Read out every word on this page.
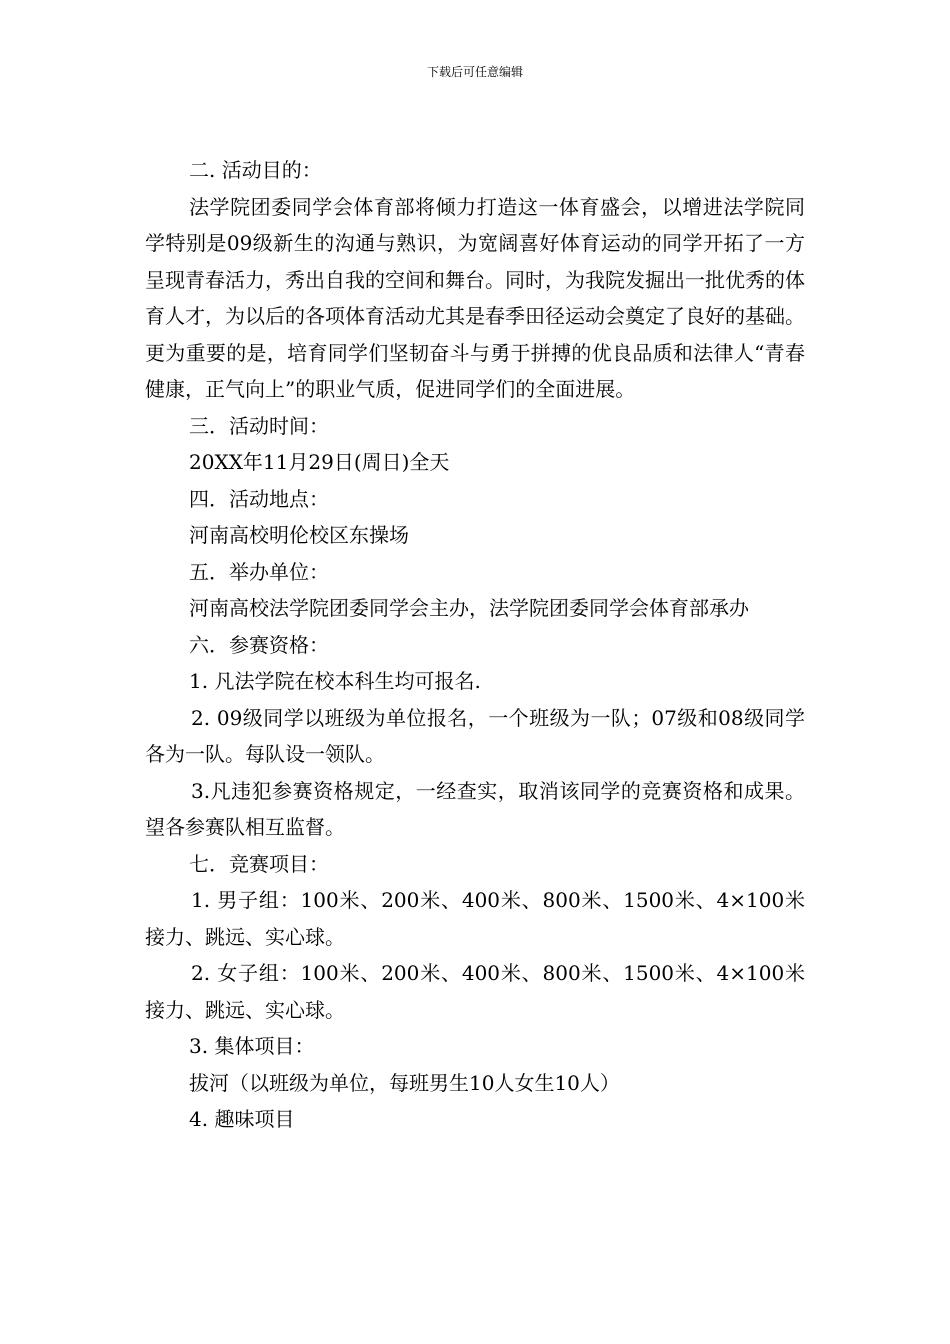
下载后可任意编辑

二. 活动目的：

法学院团委同学会体育部将倾力打造这一体育盛会，以增进法学院同学特别是09级新生的沟通与熟识，为宽阔喜好体育运动的同学开拓了一方呈现青春活力，秀出自我的空间和舞台。同时，为我院发掘出一批优秀的体育人才，为以后的各项体育活动尤其是春季田径运动会奠定了良好的基础。更为重要的是，培育同学们坚韧奋斗与勇于拼搏的优良品质和法律人“青春健康，正气向上”的职业气质，促进同学们的全面进展。

三．活动时间：

20XX年11月29日(周日)全天

四．活动地点：

河南高校明伦校区东操场

五．举办单位：

河南高校法学院团委同学会主办，法学院团委同学会体育部承办

六．参赛资格：

1. 凡法学院在校本科生均可报名.

2. 09级同学以班级为单位报名，一个班级为一队；07级和08级同学各为一队。每队设一领队。

3.凡违犯参赛资格规定，一经查实，取消该同学的竞赛资格和成果。望各参赛队相互监督。

七．竞赛项目：

1. 男子组：100米、200米、400米、800米、1500米、4×100米接力、跳远、实心球。

2. 女子组：100米、200米、400米、800米、1500米、4×100米接力、跳远、实心球。

3. 集体项目：

拔河（以班级为单位，每班男生10人女生10人）

4. 趣味项目
